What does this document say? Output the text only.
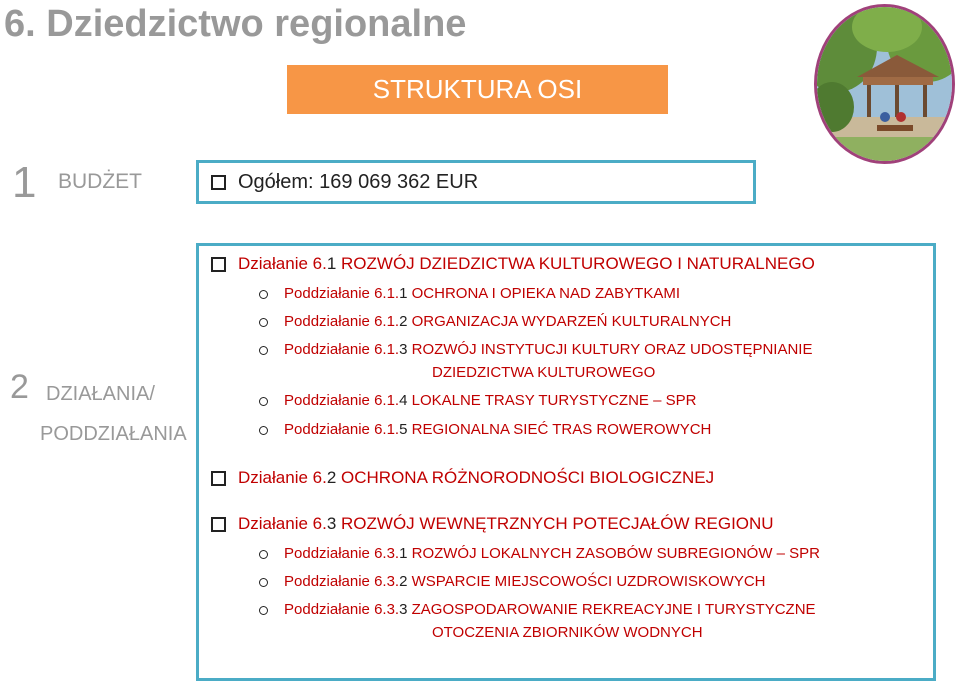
6. Dziedzictwo regionalne
STRUKTURA OSI
1 BUDŻET	Ogółem: 169 069 362 EUR
2 DZIAŁANIA/
PODDZIAŁANIA
Działanie 6. 1 ROZWÓJ DZIEDZICTWA KULTUROWEGO I NATURALNEGO
Poddziałanie 6.1. 1
OCHRONA I OPIEKA NAD ZABYTKAMI
Poddziałanie 6.1. 2
ORGANIZACJA WYDARZEŃ KULTURALNYCH
Poddziałanie 6.1. 3
ROZWÓJ INSTYTUCJI KULTURY ORAZ UDOSTĘPNIANIE
DZIEDZICTWA KULTUROWEGO
Poddziałanie 6.1. 4
LOKALNE TRASY TURYSTYCZNE – SPR
Poddziałanie 6.1. 5
REGIONALNA SIEĆ TRAS ROWEROWYCH
Działanie 6. 2 OCHRONA RÓŻNORODNOŚCI BIOLOGICZNEJ
Działanie 6. 3 ROZWÓJ WEWNĘTRZNYCH POTECJAŁÓW REGIONU
Poddziałanie 6.3. 1
ROZWÓJ LOKALNYCH ZASOBÓW SUBREGIONÓW – SPR
Poddziałanie 6.3. 2
WSPARCIE MIEJSCOWOŚCI UZDROWISKOWYCH
Poddziałanie 6.3. 3
ZAGOSPODAROWANIE REKREACYJNE I TURYSTYCZNE
OTOCZENIA ZBIORNIKÓW WODNYCH
